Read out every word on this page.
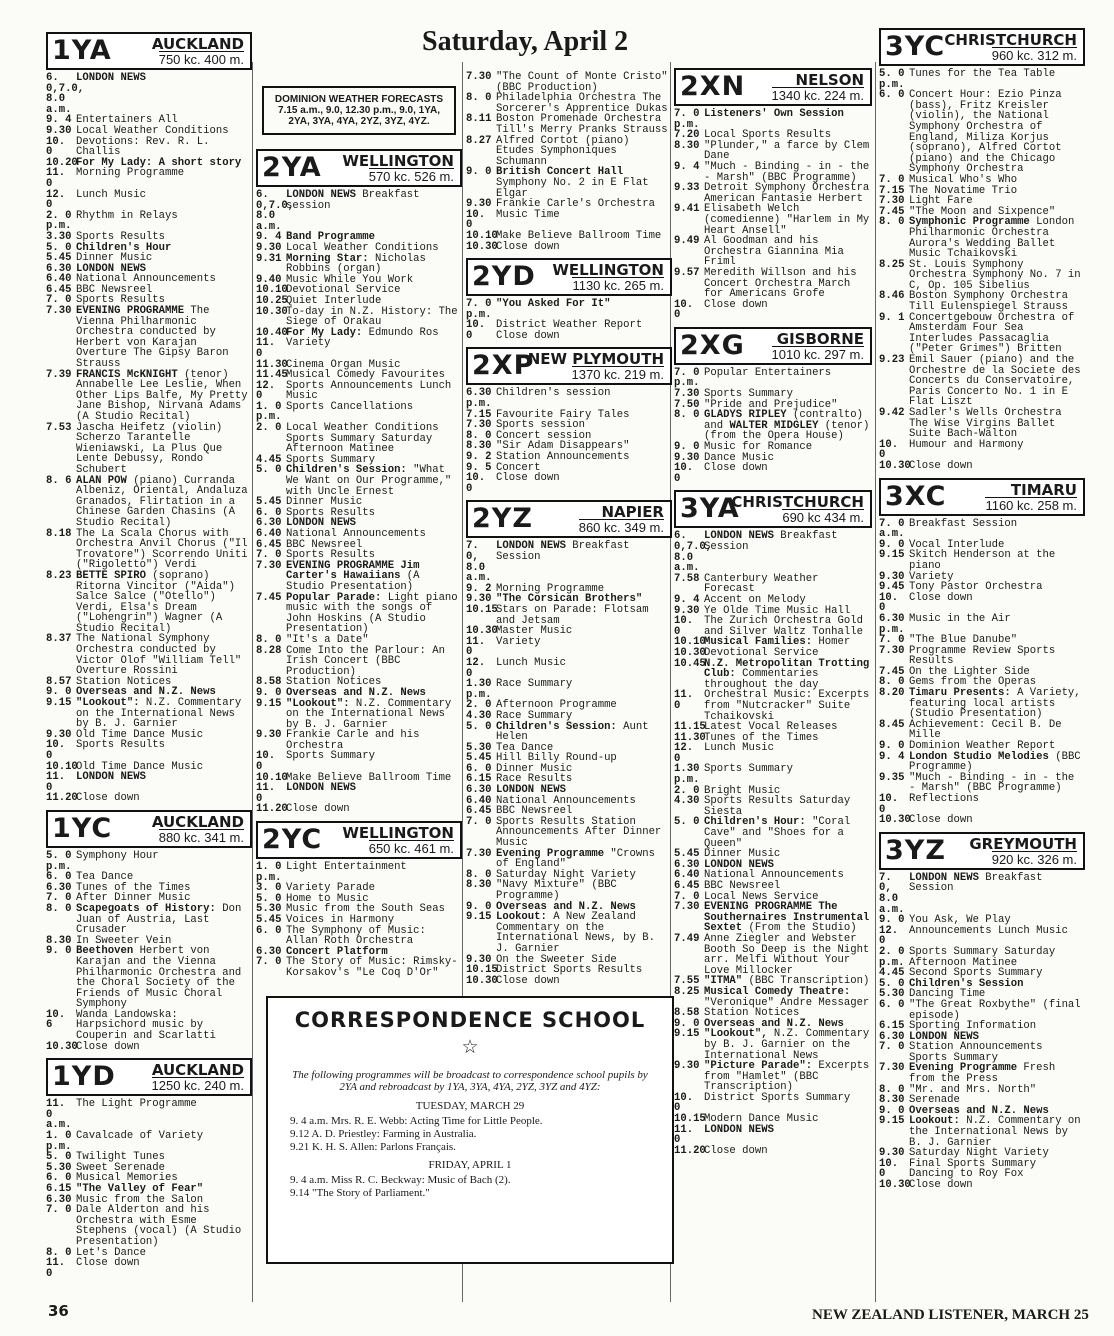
Saturday, April 2
1YA	AUCKLAND
750 kc. 400 m.
6. 0,7.0, 8.0 a.m.
LONDON NEWS
9. 4 Entertainers All
9.30 Local Weather Conditions
10. 0
Devotions: Rev. R. L. Challis
10.20
For My Lady: A short story
11. 0
Morning Programme
12. 0
Lunch Music
2. 0 p.m.
Rhythm in Relays
3.30 Sports Results
5. 0 Children's Hour
5.45 Dinner Music
6.30 LONDON NEWS
6.40 National Announcements
6.45 BBC Newsreel
7. 0 Sports Results
7.30 EVENING PROGRAMME The Vienna Philharmonic Orchestra conducted by Herbert von Karajan Overture The Gipsy Baron Strauss
7.39 FRANCIS McKNIGHT (tenor) Annabelle Lee Leslie, When Other Lips Balfe, My Pretty Jane Bishop, Nirvana Adams (A Studio Recital)
7.53 Jascha Heifetz (violin) Scherzo Tarantelle Wieniawski, La Plus Que Lente Debussy, Rondo Schubert
8. 6 ALAN POW (piano) Curranda Albeniz, Oriental, Andaluza Granados, Flirtation in a Chinese Garden Chasins (A Studio Recital)
8.18 The La Scala Chorus with Orchestra Anvil Chorus ("Il Trovatore") Scorrendo Uniti ("Rigoletto") Verdi
8.23 BETTE SPIRO (soprano) Ritorna Vincitor ("Aida") Salce Salce ("Otello") Verdi, Elsa's Dream ("Lohengrin") Wagner (A Studio Recital)
8.37 The National Symphony Orchestra conducted by Victor Olof "William Tell" Overture Rossini
8.57 Station Notices
9. 0 Overseas and N.Z. News
9.15 "Lookout": N.Z. Commentary on the International News by B. J. Garnier
9.30 Old Time Dance Music
10. 0
Sports Results
10.10
Old Time Dance Music
11. 0
LONDON NEWS
11.20
Close down
1YC	AUCKLAND
880 kc. 341 m.
5. 0 p.m.
Symphony Hour
6. 0 Tea Dance
6.30 Tunes of the Times
7. 0 After Dinner Music
8. 0 Scapegoats of History: Don Juan of Austria, Last Crusader
8.30 In Sweeter Vein
9. 0 Beethoven Herbert von Karajan and the Vienna Philharmonic Orchestra and the Choral Society of the Friends of Music Choral Symphony
10. 6
Wanda Landowska: Harpsichord music by Couperin and Scarlatti
10.30
Close down
1YD AUCKLAND
1250 kc. 240 m.
11. 0 a.m.
The Light Programme
1. 0 p.m.
Cavalcade of Variety
5. 0 Twilight Tunes
5.30 Sweet Serenade
6. 0 Musical Memories
6.15 "The Valley of Fear"
6.30 Music from the Salon
7. 0 Dale Alderton and his Orchestra with Esme Stephens (vocal) (A Studio Presentation)
8. 0 Let's Dance
11. 0
Close down
DOMINION WEATHER FORECASTS
7.15 a.m., 9.0, 12.30 p.m., 9.0, 1YA, 2YA, 3YA, 4YA, 2YZ, 3YZ, 4YZ.
2YA WELLINGTON
570 kc. 526 m.
6. 0,7.0, 8.0 a.m.
LONDON NEWS Breakfast session
9. 4 Band Programme
9.30 Local Weather Conditions
9.31 Morning Star: Nicholas Robbins (organ)
9.40 Music While You Work
10.10
Devotional Service
10.25
Quiet Interlude
10.30
To-day in N.Z. History: The Siege of Orakau
10.40
For My Lady: Edmundo Ros
11. 0
Variety
11.30
Cinema Organ Music
11.45
Musical Comedy Favourites
12. 0
Sports Announcements Lunch Music
1. 0 p.m.
Sports Cancellations
2. 0 Local Weather Conditions Sports Summary Saturday Afternoon Matinee
4.45 Sports Summary
5. 0 Children's Session: "What We Want on Our Programme," with Uncle Ernest
5.45 Dinner Music
6. 0 Sports Results
6.30 LONDON NEWS
6.40 National Announcements
6.45 BBC Newsreel
7. 0 Sports Results
7.30 EVENING PROGRAMME Jim Carter's Hawaiians (A Studio Presentation)
7.45 Popular Parade: Light piano music with the songs of John Hoskins (A Studio Presentation)
8. 0 "It's a Date"
8.28 Come Into the Parlour: An Irish Concert (BBC Production)
8.58 Station Notices
9. 0 Overseas and N.Z. News
9.15 "Lookout": N.Z. Commentary on the International News by B. J. Garnier
9.30 Frankie Carle and his Orchestra
10. 0
Sports Summary
10.10
Make Believe Ballroom Time
11. 0
LONDON NEWS
11.20
Close down
2YC WELLINGTON
650 kc. 461 m.
1. 0 p.m.
Light Entertainment
3. 0 Variety Parade
5. 0 Home to Music
5.30 Music from the South Seas
5.45 Voices in Harmony
6. 0 The Symphony of Music: Allan Roth Orchestra
6.30 Concert Platform
7. 0 The Story of Music: Rimsky-Korsakov's "Le Coq D'Or"
7.30 "The Count of Monte Cristo" (BBC Production)
8. 0 Philadelphia Orchestra The Sorcerer's Apprentice Dukas
8.11 Boston Promenade Orchestra Till's Merry Pranks Strauss
8.27 Alfred Cortot (piano) Etudes Symphoniques Schumann
9. 0 British Concert Hall Symphony No. 2 in E Flat Elgar
9.30 Frankie Carle's Orchestra
10. 0
Music Time
10.10
Make Believe Ballroom Time
10.30
Close down
2YD WELLINGTON
1130 kc. 265 m.
7. 0 p.m.
"You Asked For It"
10. 0
District Weather Report Close down
2XP
NEW PLYMOUTH
1370 kc. 219 m.
6.30 p.m.
Children's session
7.15 Favourite Fairy Tales
7.30 Sports session
8. 0 Concert session
8.30 "Sir Adam Disappears"
9. 2 Station Announcements
9. 5 Concert
10. 0
Close down
2YZ	NAPIER
860 kc. 349 m.
7. 0, 8.0 a.m.
LONDON NEWS Breakfast Session
9. 2 Morning Programme
9.30 "The Corsican Brothers"
10.15
Stars on Parade: Flotsam and Jetsam
10.30
Master Music
11. 0
Variety
12. 0
Lunch Music
1.30 p.m.
Race Summary
2. 0 Afternoon Programme
4.30 Race Summary
5. 0 Children's Session: Aunt Helen
5.30 Tea Dance
5.45 Hill Billy Round-up
6. 0 Dinner Music
6.15 Race Results
6.30 LONDON NEWS
6.40 National Announcements
6.45 BBC Newsreel
7. 0 Sports Results Station Announcements After Dinner Music
7.30 Evening Programme "Crowns of England"
8. 0 Saturday Night Variety
8.30 "Navy Mixture" (BBC Programme)
9. 0 Overseas and N.Z. News
9.15 Lookout: A New Zealand Commentary on the International News, by B. J. Garnier
9.30 On the Sweeter Side
10.15
District Sports Results
10.30
Close down
2XN	NELSON
1340 kc. 224 m.
7. 0 p.m.
Listeners' Own Session
7.20 Local Sports Results
8.30 "Plunder," a farce by Clem Dane
9. 4 "Much - Binding - in - the - Marsh" (BBC Programme)
9.33 Detroit Symphony Orchestra American Fantasie Herbert
9.41 Elisabeth Welch (comedienne) "Harlem in My Heart Ansell"
9.49 Al Goodman and his Orchestra Giannina Mia Friml
9.57 Meredith Willson and his Concert Orchestra March for Americans Grofe
10. 0
Close down
2XG GISBORNE
1010 kc. 297 m.
7. 0 p.m.
Popular Entertainers
7.30 Sports Summary
7.50 "Pride and Prejudice"
8. 0 GLADYS RIPLEY (contralto) and WALTER MIDGLEY (tenor) (from the Opera House)
9. 0 Music for Romance
9.30 Dance Music
10. 0
Close down
3YA
CHRISTCHURCH
690 kc 434 m.
6. 0,7.0, 8.0 a.m.
LONDON NEWS Breakfast Session
7.58 Canterbury Weather Forecast
9. 4 Accent on Melody
9.30 Ye Olde Time Music Hall
10. 0
The Zurich Orchestra Gold and Silver Waltz Tonhalle
10.10
Musical Families: Homer
10.30
Devotional Service
10.45
N.Z. Metropolitan Trotting Club: Commentaries throughout the day
11. 0
Orchestral Music: Excerpts from "Nutcracker" Suite Tchaikovski
11.15
Latest Vocal Releases
11.30
Tunes of the Times
12. 0
Lunch Music
1.30 p.m.
Sports Summary
2. 0 Bright Music
4.30 Sports Results Saturday Siesta
5. 0 Children's Hour: "Coral Cave" and "Shoes for a Queen"
5.45 Dinner Music
6.30 LONDON NEWS
6.40 National Announcements
6.45 BBC Newsreel
7. 0 Local News Service
7.30 EVENING PROGRAMME The Southernaires Instrumental Sextet (From the Studio)
7.49 Anne Ziegler and Webster Booth So Deep is the Night arr. Melfi Without Your Love Millocker
7.55 "ITMA" (BBC Transcription)
8.25 Musical Comedy Theatre: "Veronique" Andre Messager
8.58 Station Notices
9. 0 Overseas and N.Z. News
9.15 "Lookout", N.Z. Commentary by B. J. Garnier on the International News
9.30 "Picture Parade": Excerpts from "Hamlet" (BBC Transcription)
10. 0
District Sports Summary
10.15
Modern Dance Music
11. 0
LONDON NEWS
11.20
Close down
3YC CHRISTCHURCH
960 kc. 312 m.
5. 0 p.m.
Tunes for the Tea Table
6. 0 Concert Hour: Ezio Pinza (bass), Fritz Kreisler (violin), the National Symphony Orchestra of England, Miliza Korjus (soprano), Alfred Cortot (piano) and the Chicago Symphony Orchestra
7. 0 Musical Who's Who
7.15 The Novatime Trio
7.30 Light Fare
7.45 "The Moon and Sixpence"
8. 0 Symphonic Programme London Philharmonic Orchestra Aurora's Wedding Ballet Music Tchaikovski
8.25 St. Louis Symphony Orchestra Symphony No. 7 in C, Op. 105 Sibelius
8.46 Boston Symphony Orchestra Till Eulenspiegel Strauss
9. 1 Concertgebouw Orchestra of Amsterdam Four Sea Interludes Passacaglia ("Peter Grimes") Britten
9.23 Emil Sauer (piano) and the Orchestre de la Societe des Concerts du Conservatoire, Paris Concerto No. 1 in E Flat Liszt
9.42 Sadler's Wells Orchestra The Wise Virgins Ballet Suite Bach-Walton
10. 0
Humour and Harmony
10.30
Close down
3XC	TIMARU
1160 kc. 258 m.
7. 0 a.m.
Breakfast Session
9. 0 Vocal Interlude
9.15 Skitch Henderson at the piano
9.30 Variety
9.45 Tony Pastor Orchestra
10. 0
Close down
6.30 p.m.
Music in the Air
7. 0 "The Blue Danube"
7.30 Programme Review Sports Results
7.45 On the Lighter Side
8. 0 Gems from the Operas
8.20 Timaru Presents: A Variety, featuring local artists (Studio Presentation)
8.45 Achievement: Cecil B. De Mille
9. 0 Dominion Weather Report
9. 4 London Studio Melodies (BBC Programme)
9.35 "Much - Binding - in - the - Marsh" (BBC Programme)
10. 0
Reflections
10.30
Close down
3YZ GREYMOUTH
920 kc. 326 m.
7. 0, 8.0 a.m.
LONDON NEWS Breakfast Session
9. 0 You Ask, We Play
12. 0
Announcements Lunch Music
2. 0 p.m.
Sports Summary Saturday Afternoon Matinee
4.45 Second Sports Summary
5. 0 Children's Session
5.30 Dancing Time
6. 0 "The Great Roxbythe" (final episode)
6.15 Sporting Information
6.30 LONDON NEWS
7. 0 Station Announcements Sports Summary
7.30 Evening Programme Fresh from the Press
8. 0 "Mr. and Mrs. North"
8.30 Serenade
9. 0 Overseas and N.Z. News
9.15 Lookout: N.Z. Commentary on the International News by B. J. Garnier
9.30 Saturday Night Variety
10. 0
Final Sports Summary Dancing to Roy Fox
10.30
Close down
CORRESPONDENCE SCHOOL
☆
The following programmes will be broadcast to correspondence school pupils by 2YA and rebroadcast by 1YA, 3YA, 4YA, 2YZ, 3YZ and 4YZ:
TUESDAY, MARCH 29
9. 4 a.m. Mrs. R. E. Webb: Acting Time for Little People.
9.12 A. D. Priestley: Farming in Australia.
9.21 K. H. S. Allen: Parlons Français.
FRIDAY, APRIL 1
9. 4 a.m. Miss R. C. Beckway: Music of Bach (2).
9.14 "The Story of Parliament."
36	NEW ZEALAND LISTENER, MARCH 25
